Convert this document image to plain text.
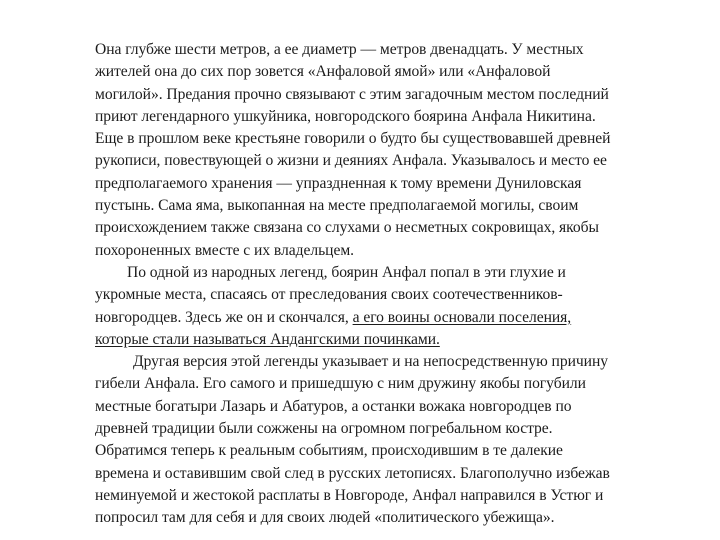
Она глубже шести метров, а ее диаметр — метров двенадцать. У местных
жителей она до сих пор зовется «Анфаловой ямой» или «Анфаловой
могилой». Предания прочно связывают с этим загадочным местом последний
приют легендарного ушкуйника, новгородского боярина Анфала Никитина.
Еще в прошлом веке крестьяне говорили о будто бы существовавшей древней
рукописи, повествующей о жизни и деяниях Анфала. Указывалось и место ее
предполагаемого хранения — упраздненная к тому времени Дуниловская
пустынь. Сама яма, выкопанная на месте предполагаемой могилы, своим
происхождением также связана со слухами о несметных сокровищах, якобы
похороненных вместе с их владельцем.
По одной из народных легенд, боярин Анфал попал в эти глухие и
укромные места, спасаясь от преследования своих соотечественников-
новгородцев. Здесь же он и скончался, а его воины основали поселения,
которые стали называться Андангскими починками.
Другая версия этой легенды указывает и на непосредственную причину
гибели Анфала. Его самого и пришедшую с ним дружину якобы погубили
местные богатыри Лазарь и Абатуров, а останки вожака новгородцев по
древней традиции были сожжены на огромном погребальном костре.
Обратимся теперь к реальным событиям, происходившим в те далекие
времена и оставившим свой след в русских летописях. Благополучно избежав
неминуемой и жестокой расплаты в Новгороде, Анфал направился в Устюг и
попросил там для себя и для своих людей «политического убежища».
